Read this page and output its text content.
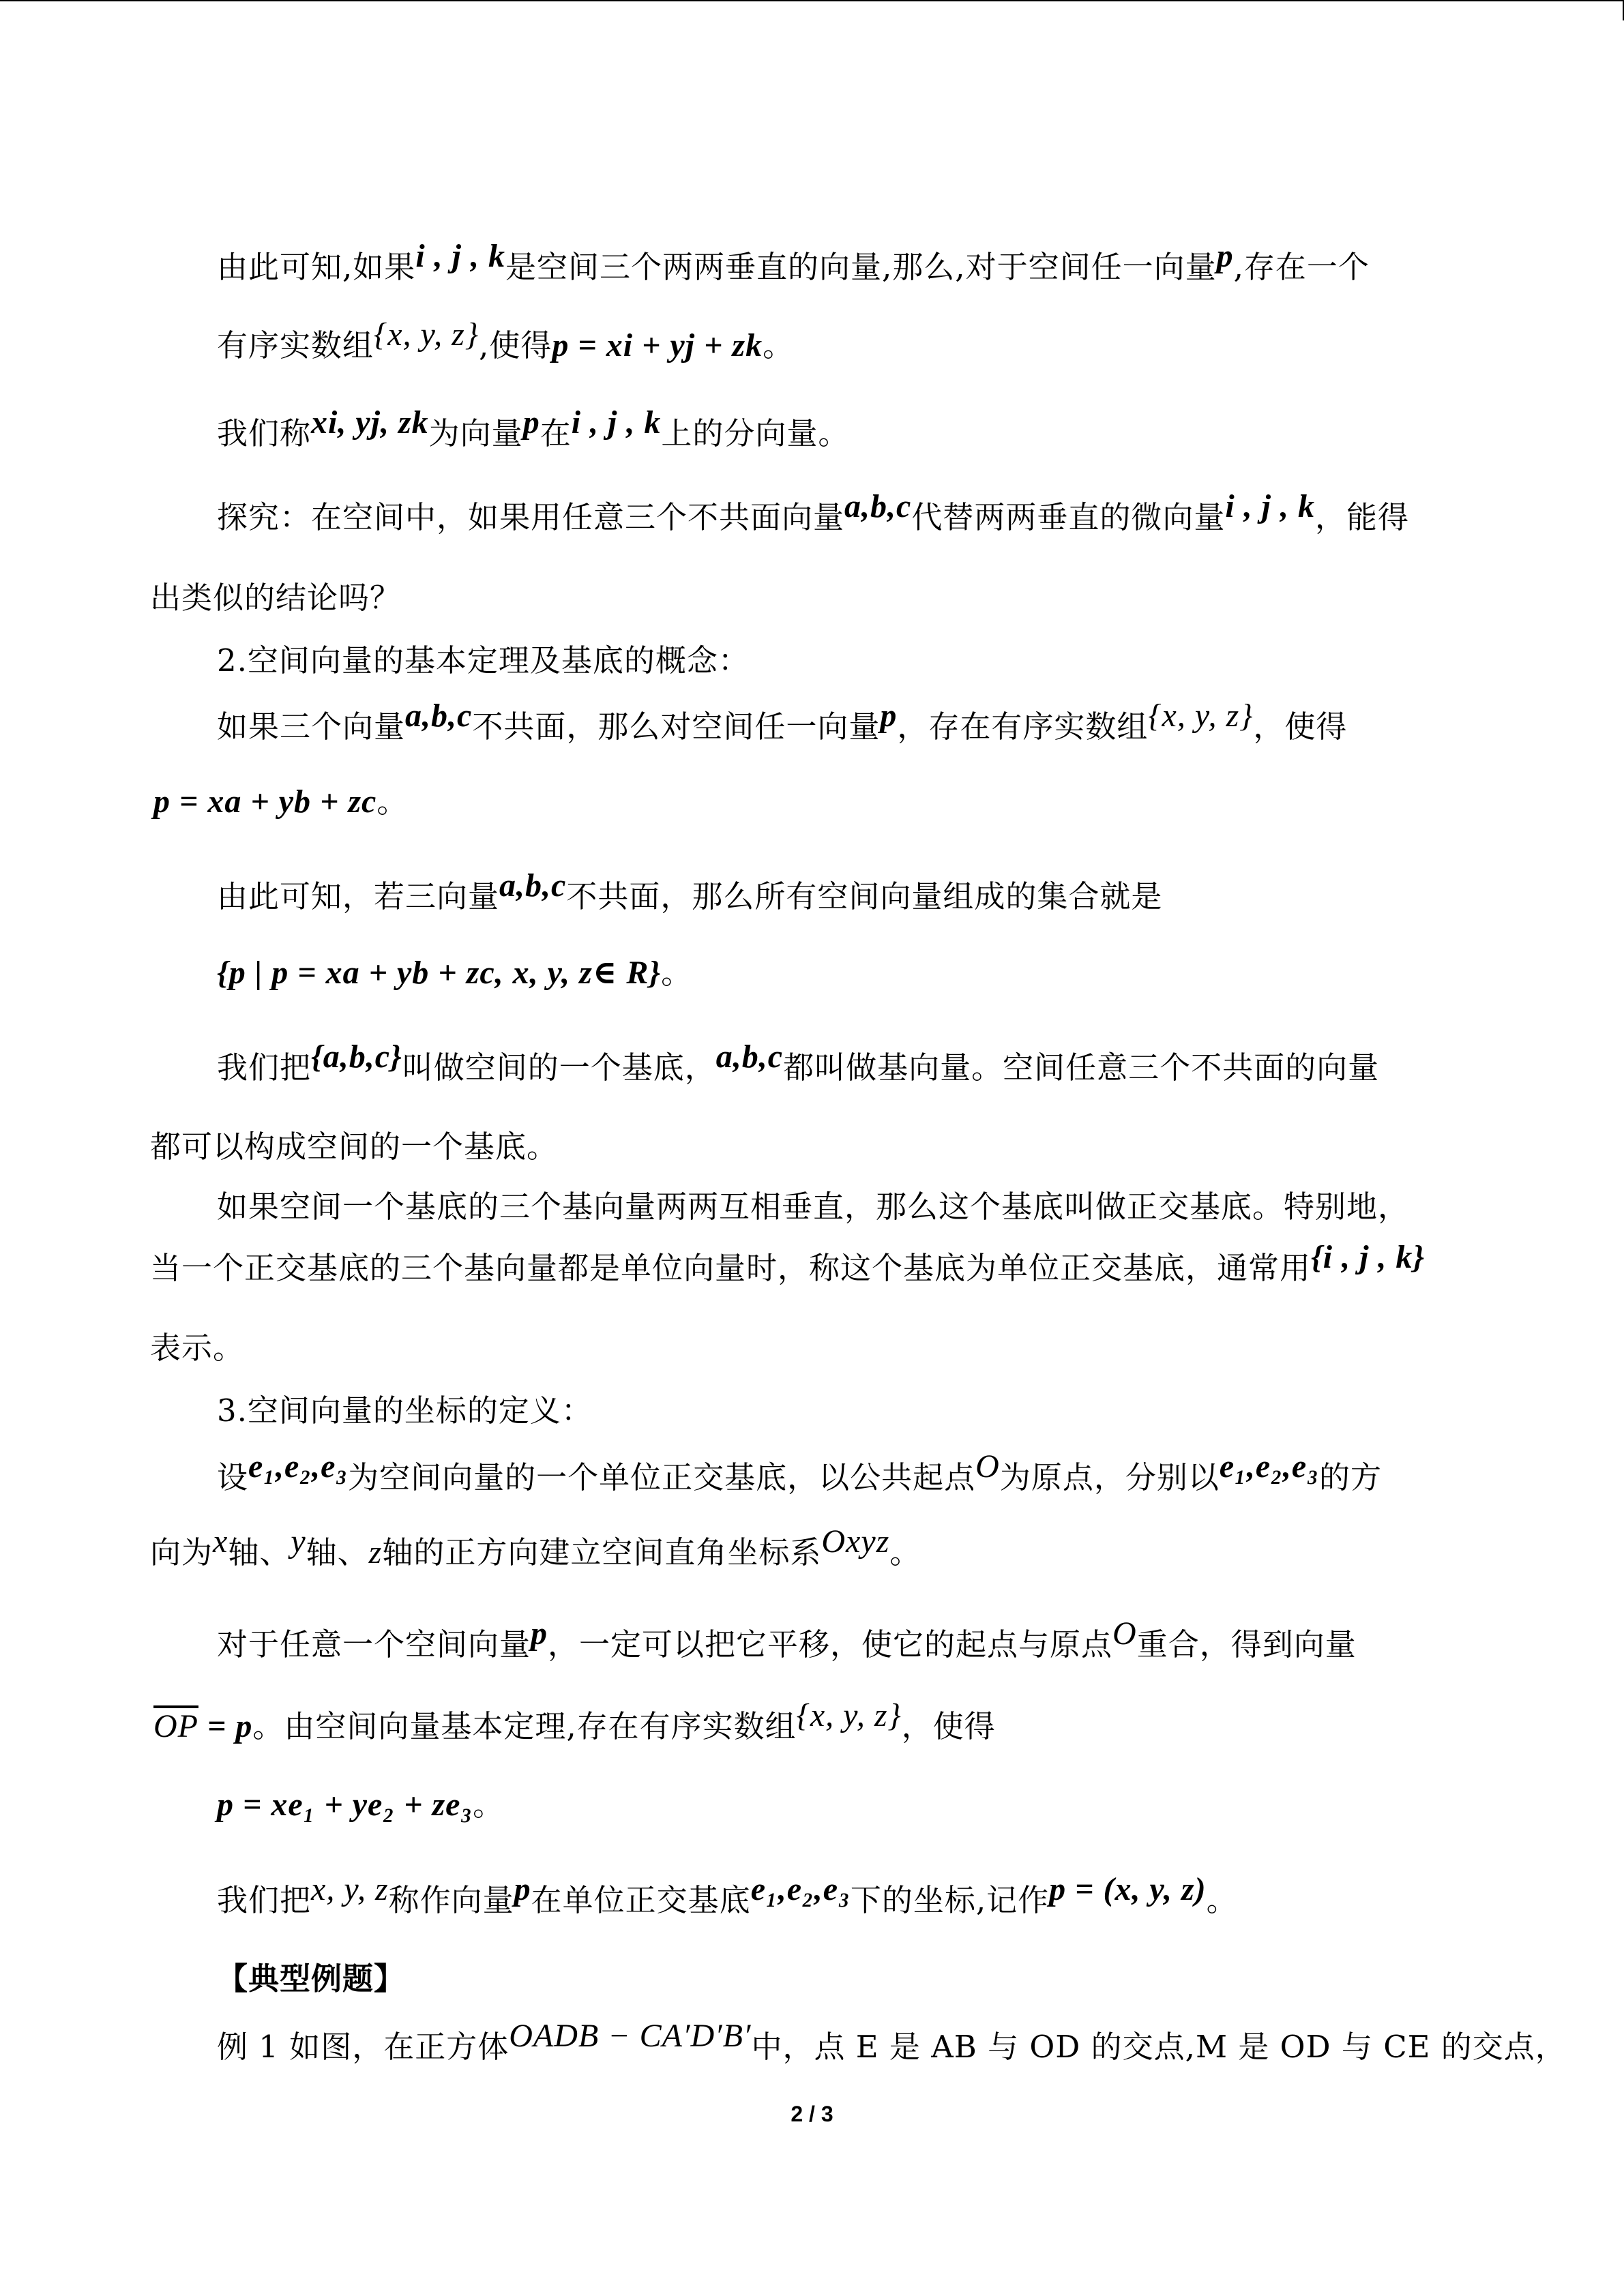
由此可知,如果i , j , k是空间三个两两垂直的向量,那么,对于空间任一向量p,存在一个
有序实数组{x, y, z},使得p = xi + yj + zk。
我们称xi, yj, zk为向量p在i , j , k上的分向量。
探究：在空间中，如果用任意三个不共面向量a,b,c代替两两垂直的微向量i , j , k，能得
出类似的结论吗？
2.空间向量的基本定理及基底的概念：
如果三个向量a,b,c不共面，那么对空间任一向量p，存在有序实数组{x, y, z}，使得
p = xa + yb + zc。
由此可知，若三向量a,b,c不共面，那么所有空间向量组成的集合就是
{p | p = xa + yb + zc, x, y, z∈ R}。
我们把{a,b,c}叫做空间的一个基底，a,b,c都叫做基向量。空间任意三个不共面的向量
都可以构成空间的一个基底。
如果空间一个基底的三个基向量两两互相垂直，那么这个基底叫做正交基底。特别地，
当一个正交基底的三个基向量都是单位向量时，称这个基底为单位正交基底，通常用{i , j , k}
表示。
3.空间向量的坐标的定义：
设e₁,e₂,e₃为空间向量的一个单位正交基底，以公共起点O为原点，分别以e₁,e₂,e₃的方
向为x轴、y轴、z轴的正方向建立空间直角坐标系Oxyz。
对于任意一个空间向量p，一定可以把它平移，使它的起点与原点O重合，得到向量
$\overline{OP} = p$。由空间向量基本定理,存在有序实数组{x, y, z}，使得
p = xe₁ + ye₂ + ze₃。
我们把x, y, z称作向量p在单位正交基底e₁,e₂,e₃下的坐标,记作p = (x, y, z)。
【典型例题】
例 1 如图，在正方体OADB − CA′D′B′中，点 E 是 AB 与 OD 的交点,M 是 OD 与 CE 的交点，
2 / 3
